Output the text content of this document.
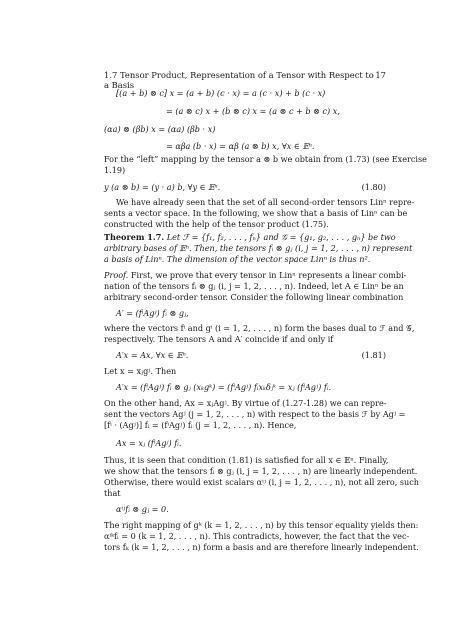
1.7 Tensor Product, Representation of a Tensor with Respect to a Basis
17
[(a + b) ⊗ c] x = (a + b) (c · x) = a (c · x) + b (c · x)
= (a ⊗ c) x + (b ⊗ c) x = (a ⊗ c + b ⊗ c) x,
(αa) ⊗ (βb) x = (αa) (βb · x)
= αβa (b · x) = αβ (a ⊗ b) x, ∀x ∈ 𝔼ⁿ.
For the “left” mapping by the tensor a ⊗ b we obtain from (1.73) (see Exercise
1.19)
y (a ⊗ b) = (y · a) b, ∀y ∈ 𝔼ⁿ.	(1.80)
We have already seen that the set of all second-order tensors Linⁿ repre-
sents a vector space. In the following, we show that a basis of Linⁿ can be
constructed with the help of the tensor product (1.75).
Theorem 1.7. Let ℱ = {f₁, f₂, . . . , fₙ} and 𝒢 = {g₁, g₂, . . . , gₙ} be two
arbitrary bases of 𝔼ⁿ. Then, the tensors fᵢ ⊗ gⱼ (i, j = 1, 2, . . . , n) represent
a basis of Linⁿ. The dimension of the vector space Linⁿ is thus n².
Proof. First, we prove that every tensor in Linⁿ represents a linear combi-
nation of the tensors fᵢ ⊗ gⱼ (i, j = 1, 2, . . . , n). Indeed, let A ∈ Linⁿ be an
arbitrary second-order tensor. Consider the following linear combination
A′ = (fⁱAgʲ) fᵢ ⊗ gⱼ,
where the vectors fⁱ and gⁱ (i = 1, 2, . . . , n) form the bases dual to ℱ and 𝒢,
respectively. The tensors A and A′ coincide if and only if
A′x = Ax, ∀x ∈ 𝔼ⁿ.	(1.81)
Let x = xⱼgʲ. Then
A′x = (fⁱAgʲ) fᵢ ⊗ gⱼ (xₖgᵏ) = (fⁱAgʲ) fᵢxₖδⱼᵏ = xⱼ (fⁱAgʲ) fᵢ.
On the other hand, Ax = xⱼAgʲ. By virtue of (1.27-1.28) we can repre-
sent the vectors Agʲ (j = 1, 2, . . . , n) with respect to the basis ℱ by Agʲ =
[fⁱ · (Agʲ)] fᵢ = (fⁱAgʲ) fᵢ (j = 1, 2, . . . , n). Hence,
Ax = xⱼ (fⁱAgʲ) fᵢ.
Thus, it is seen that condition (1.81) is satisfied for all x ∈ 𝔼ⁿ. Finally,
we show that the tensors fᵢ ⊗ gⱼ (i, j = 1, 2, . . . , n) are linearly independent.
Otherwise, there would exist scalars αⁱʲ (i, j = 1, 2, . . . , n), not all zero, such
that
αⁱʲfᵢ ⊗ gⱼ = 0.
The right mapping of gᵏ (k = 1, 2, . . . , n) by this tensor equality yields then:
αⁱᵏfᵢ = 0 (k = 1, 2, . . . , n). This contradicts, however, the fact that the vec-
tors fₖ (k = 1, 2, . . . , n) form a basis and are therefore linearly independent.
